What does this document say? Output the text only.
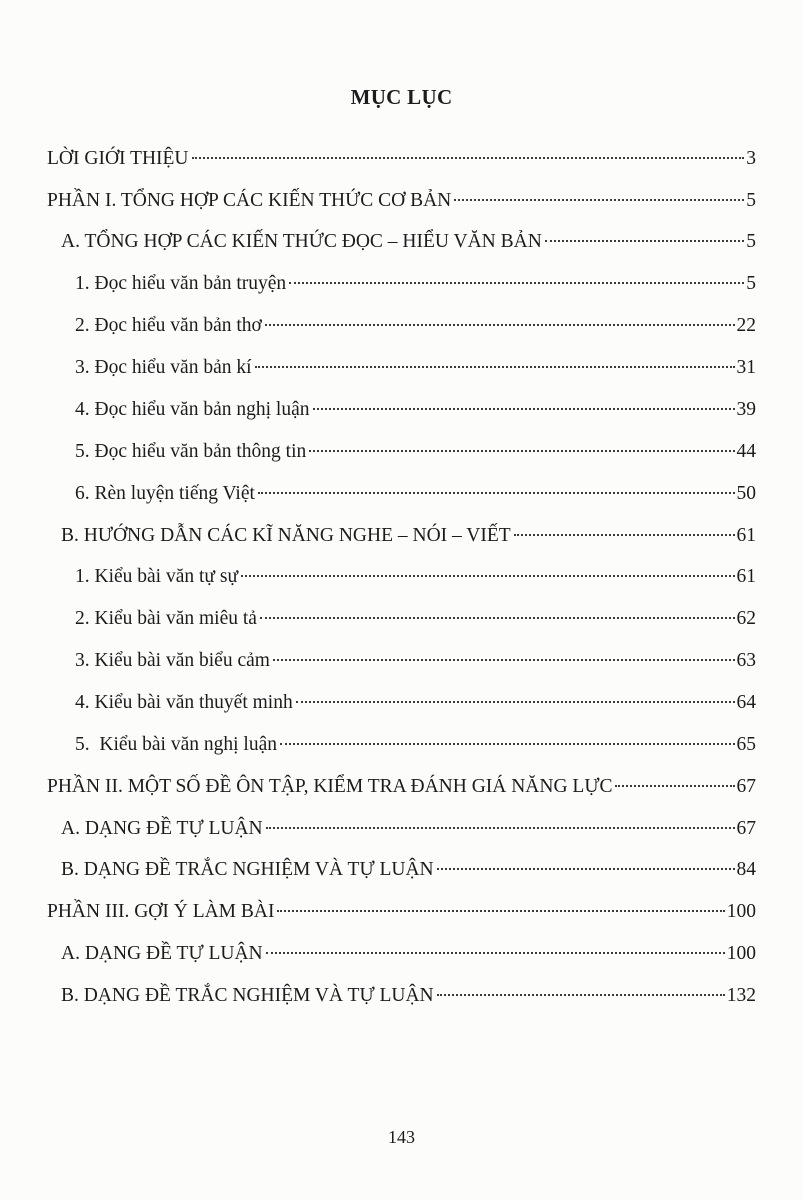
MỤC LỤC
LỜI GIỚI THIỆU	3
PHẦN I. TỔNG HỢP CÁC KIẾN THỨC CƠ BẢN	5
A. TỔNG HỢP CÁC KIẾN THỨC ĐỌC – HIỂU VĂN BẢN	5
1. Đọc hiểu văn bản truyện	5
2. Đọc hiểu văn bản thơ	22
3. Đọc hiểu văn bản kí	31
4. Đọc hiểu văn bản nghị luận	39
5. Đọc hiểu văn bản thông tin	44
6. Rèn luyện tiếng Việt	50
B. HƯỚNG DẪN CÁC KĨ NĂNG NGHE – NÓI – VIẾT	61
1. Kiểu bài văn tự sự	61
2. Kiểu bài văn miêu tả	62
3. Kiểu bài văn biểu cảm	63
4. Kiểu bài văn thuyết minh	64
5.  Kiểu bài văn nghị luận	65
PHẦN II. MỘT SỐ ĐỀ ÔN TẬP, KIỂM TRA ĐÁNH GIÁ NĂNG LỰC	67
A. DẠNG ĐỀ TỰ LUẬN	67
B. DẠNG ĐỀ TRẮC NGHIỆM VÀ TỰ LUẬN	84
PHẦN III. GỢI Ý LÀM BÀI	100
A. DẠNG ĐỀ TỰ LUẬN	100
B. DẠNG ĐỀ TRẮC NGHIỆM VÀ TỰ LUẬN	132
143
